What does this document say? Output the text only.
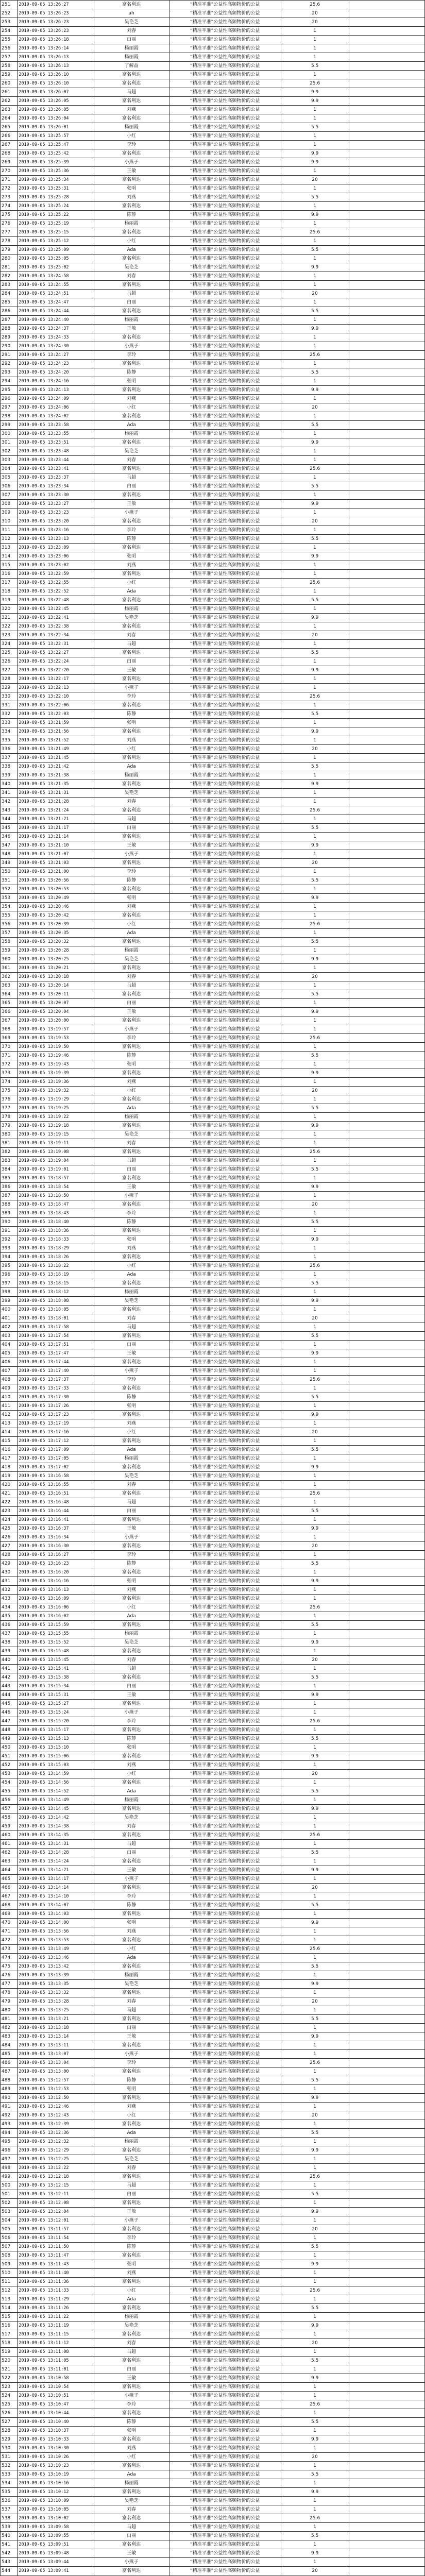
251	2019-09-05 13:26:27	富名利达	“精准平准”公益性高频物价的公益	25.6	
252	2019-09-05 13:26:23	ah	“精准平准”公益性高频物价的公益	20	
253	2019-09-05 13:26:23	吴艳芝	“精准平准”公益性高频物价的公益	20	
254	2019-09-05 13:26:23	刘春	“精准平准”公益性高频物价的公益	1	
255	2019-09-05 13:26:18	白丽	“精准平准”公益性高频物价的公益	1	
256	2019-09-05 13:26:14	杨丽霞	“精准平准”公益性高频物价的公益	1	
257	2019-09-05 13:26:13	杨丽霞	“精准平准”公益性高频物价的公益	1	
258	2019-09-05 13:26:13	了解益	“精准平准”公益性高频物价的公益	5.5	
259	2019-09-05 13:26:10	富名利达	“精准平准”公益性高频物价的公益	1	
260	2019-09-05 13:26:10	富名利达	“精准平准”公益性高频物价的公益	25.6	
261	2019-09-05 13:26:07	马超	“精准平准”公益性高频物价的公益	9.9	
262	2019-09-05 13:26:05	富名利达	“精准平准”公益性高频物价的公益	9.9	
263	2019-09-05 13:26:05	刘燕	“精准平准”公益性高频物价的公益	1	
264	2019-09-05 13:26:04	富名利达	“精准平准”公益性高频物价的公益	1	
265	2019-09-05 13:26:01	杨丽霞	“精准平准”公益性高频物价的公益	5.5	
266	2019-09-05 13:25:57	小红	“精准平准”公益性高频物价的公益	1	
267	2019-09-05 13:25:47	李玲	“精准平准”公益性高频物价的公益	1	
268	2019-09-05 13:25:42	富名利达	“精准平准”公益性高频物价的公益	9.9	
269	2019-09-05 13:25:39	小燕子	“精准平准”公益性高频物价的公益	9.9	
270	2019-09-05 13:25:36	王敏	“精准平准”公益性高频物价的公益	1	
271	2019-09-05 13:25:34	富名利达	“精准平准”公益性高频物价的公益	20	
272	2019-09-05 13:25:31	张明	“精准平准”公益性高频物价的公益	1	
273	2019-09-05 13:25:28	刘燕	“精准平准”公益性高频物价的公益	5.5	
274	2019-09-05 13:25:24	富名利达	“精准平准”公益性高频物价的公益	1	
275	2019-09-05 13:25:22	陈静	“精准平准”公益性高频物价的公益	9.9	
276	2019-09-05 13:25:19	杨丽霞	“精准平准”公益性高频物价的公益	1	
277	2019-09-05 13:25:15	富名利达	“精准平准”公益性高频物价的公益	25.6	
278	2019-09-05 13:25:12	小红	“精准平准”公益性高频物价的公益	1	
279	2019-09-05 13:25:09	Ada	“精准平准”公益性高频物价的公益	5.5	
280	2019-09-05 13:25:05	富名利达	“精准平准”公益性高频物价的公益	1	
281	2019-09-05 13:25:02	吴艳芝	“精准平准”公益性高频物价的公益	9.9	
282	2019-09-05 13:24:58	刘春	“精准平准”公益性高频物价的公益	1	
283	2019-09-05 13:24:55	富名利达	“精准平准”公益性高频物价的公益	1	
284	2019-09-05 13:24:51	马超	“精准平准”公益性高频物价的公益	20	
285	2019-09-05 13:24:47	白丽	“精准平准”公益性高频物价的公益	1	
286	2019-09-05 13:24:44	富名利达	“精准平准”公益性高频物价的公益	5.5	
287	2019-09-05 13:24:40	杨丽霞	“精准平准”公益性高频物价的公益	1	
288	2019-09-05 13:24:37	王敏	“精准平准”公益性高频物价的公益	9.9	
289	2019-09-05 13:24:33	富名利达	“精准平准”公益性高频物价的公益	1	
290	2019-09-05 13:24:30	小燕子	“精准平准”公益性高频物价的公益	1	
291	2019-09-05 13:24:27	李玲	“精准平准”公益性高频物价的公益	25.6	
292	2019-09-05 13:24:23	富名利达	“精准平准”公益性高频物价的公益	1	
293	2019-09-05 13:24:20	陈静	“精准平准”公益性高频物价的公益	5.5	
294	2019-09-05 13:24:16	张明	“精准平准”公益性高频物价的公益	1	
295	2019-09-05 13:24:13	富名利达	“精准平准”公益性高频物价的公益	9.9	
296	2019-09-05 13:24:09	刘燕	“精准平准”公益性高频物价的公益	1	
297	2019-09-05 13:24:06	小红	“精准平准”公益性高频物价的公益	20	
298	2019-09-05 13:24:02	富名利达	“精准平准”公益性高频物价的公益	1	
299	2019-09-05 13:23:58	Ada	“精准平准”公益性高频物价的公益	5.5	
300	2019-09-05 13:23:55	杨丽霞	“精准平准”公益性高频物价的公益	1	
301	2019-09-05 13:23:51	富名利达	“精准平准”公益性高频物价的公益	9.9	
302	2019-09-05 13:23:48	吴艳芝	“精准平准”公益性高频物价的公益	1	
303	2019-09-05 13:23:44	刘春	“精准平准”公益性高频物价的公益	1	
304	2019-09-05 13:23:41	富名利达	“精准平准”公益性高频物价的公益	25.6	
305	2019-09-05 13:23:37	马超	“精准平准”公益性高频物价的公益	1	
306	2019-09-05 13:23:34	白丽	“精准平准”公益性高频物价的公益	5.5	
307	2019-09-05 13:23:30	富名利达	“精准平准”公益性高频物价的公益	1	
308	2019-09-05 13:23:27	王敏	“精准平准”公益性高频物价的公益	9.9	
309	2019-09-05 13:23:23	小燕子	“精准平准”公益性高频物价的公益	1	
310	2019-09-05 13:23:20	富名利达	“精准平准”公益性高频物价的公益	20	
311	2019-09-05 13:23:16	李玲	“精准平准”公益性高频物价的公益	1	
312	2019-09-05 13:23:13	陈静	“精准平准”公益性高频物价的公益	5.5	
313	2019-09-05 13:23:09	富名利达	“精准平准”公益性高频物价的公益	1	
314	2019-09-05 13:23:06	张明	“精准平准”公益性高频物价的公益	9.9	
315	2019-09-05 13:23:02	刘燕	“精准平准”公益性高频物价的公益	1	
316	2019-09-05 13:22:59	富名利达	“精准平准”公益性高频物价的公益	1	
317	2019-09-05 13:22:55	小红	“精准平准”公益性高频物价的公益	25.6	
318	2019-09-05 13:22:52	Ada	“精准平准”公益性高频物价的公益	1	
319	2019-09-05 13:22:48	富名利达	“精准平准”公益性高频物价的公益	5.5	
320	2019-09-05 13:22:45	杨丽霞	“精准平准”公益性高频物价的公益	1	
321	2019-09-05 13:22:41	吴艳芝	“精准平准”公益性高频物价的公益	9.9	
322	2019-09-05 13:22:38	富名利达	“精准平准”公益性高频物价的公益	1	
323	2019-09-05 13:22:34	刘春	“精准平准”公益性高频物价的公益	20	
324	2019-09-05 13:22:31	马超	“精准平准”公益性高频物价的公益	1	
325	2019-09-05 13:22:27	富名利达	“精准平准”公益性高频物价的公益	5.5	
326	2019-09-05 13:22:24	白丽	“精准平准”公益性高频物价的公益	1	
327	2019-09-05 13:22:20	王敏	“精准平准”公益性高频物价的公益	9.9	
328	2019-09-05 13:22:17	富名利达	“精准平准”公益性高频物价的公益	1	
329	2019-09-05 13:22:13	小燕子	“精准平准”公益性高频物价的公益	1	
330	2019-09-05 13:22:10	李玲	“精准平准”公益性高频物价的公益	25.6	
331	2019-09-05 13:22:06	富名利达	“精准平准”公益性高频物价的公益	1	
332	2019-09-05 13:22:03	陈静	“精准平准”公益性高频物价的公益	5.5	
333	2019-09-05 13:21:59	张明	“精准平准”公益性高频物价的公益	1	
334	2019-09-05 13:21:56	富名利达	“精准平准”公益性高频物价的公益	9.9	
335	2019-09-05 13:21:52	刘燕	“精准平准”公益性高频物价的公益	1	
336	2019-09-05 13:21:49	小红	“精准平准”公益性高频物价的公益	20	
337	2019-09-05 13:21:45	富名利达	“精准平准”公益性高频物价的公益	1	
338	2019-09-05 13:21:42	Ada	“精准平准”公益性高频物价的公益	5.5	
339	2019-09-05 13:21:38	杨丽霞	“精准平准”公益性高频物价的公益	1	
340	2019-09-05 13:21:35	富名利达	“精准平准”公益性高频物价的公益	9.9	
341	2019-09-05 13:21:31	吴艳芝	“精准平准”公益性高频物价的公益	1	
342	2019-09-05 13:21:28	刘春	“精准平准”公益性高频物价的公益	1	
343	2019-09-05 13:21:24	富名利达	“精准平准”公益性高频物价的公益	25.6	
344	2019-09-05 13:21:21	马超	“精准平准”公益性高频物价的公益	1	
345	2019-09-05 13:21:17	白丽	“精准平准”公益性高频物价的公益	5.5	
346	2019-09-05 13:21:14	富名利达	“精准平准”公益性高频物价的公益	1	
347	2019-09-05 13:21:10	王敏	“精准平准”公益性高频物价的公益	9.9	
348	2019-09-05 13:21:07	小燕子	“精准平准”公益性高频物价的公益	1	
349	2019-09-05 13:21:03	富名利达	“精准平准”公益性高频物价的公益	20	
350	2019-09-05 13:21:00	李玲	“精准平准”公益性高频物价的公益	1	
351	2019-09-05 13:20:56	陈静	“精准平准”公益性高频物价的公益	5.5	
352	2019-09-05 13:20:53	富名利达	“精准平准”公益性高频物价的公益	1	
353	2019-09-05 13:20:49	张明	“精准平准”公益性高频物价的公益	9.9	
354	2019-09-05 13:20:46	刘燕	“精准平准”公益性高频物价的公益	1	
355	2019-09-05 13:20:42	富名利达	“精准平准”公益性高频物价的公益	1	
356	2019-09-05 13:20:39	小红	“精准平准”公益性高频物价的公益	25.6	
357	2019-09-05 13:20:35	Ada	“精准平准”公益性高频物价的公益	1	
358	2019-09-05 13:20:32	富名利达	“精准平准”公益性高频物价的公益	5.5	
359	2019-09-05 13:20:28	杨丽霞	“精准平准”公益性高频物价的公益	1	
360	2019-09-05 13:20:25	吴艳芝	“精准平准”公益性高频物价的公益	9.9	
361	2019-09-05 13:20:21	富名利达	“精准平准”公益性高频物价的公益	1	
362	2019-09-05 13:20:18	刘春	“精准平准”公益性高频物价的公益	20	
363	2019-09-05 13:20:14	马超	“精准平准”公益性高频物价的公益	1	
364	2019-09-05 13:20:11	富名利达	“精准平准”公益性高频物价的公益	5.5	
365	2019-09-05 13:20:07	白丽	“精准平准”公益性高频物价的公益	1	
366	2019-09-05 13:20:04	王敏	“精准平准”公益性高频物价的公益	9.9	
367	2019-09-05 13:20:00	富名利达	“精准平准”公益性高频物价的公益	1	
368	2019-09-05 13:19:57	小燕子	“精准平准”公益性高频物价的公益	1	
369	2019-09-05 13:19:53	李玲	“精准平准”公益性高频物价的公益	25.6	
370	2019-09-05 13:19:50	富名利达	“精准平准”公益性高频物价的公益	1	
371	2019-09-05 13:19:46	陈静	“精准平准”公益性高频物价的公益	5.5	
372	2019-09-05 13:19:43	张明	“精准平准”公益性高频物价的公益	1	
373	2019-09-05 13:19:39	富名利达	“精准平准”公益性高频物价的公益	9.9	
374	2019-09-05 13:19:36	刘燕	“精准平准”公益性高频物价的公益	1	
375	2019-09-05 13:19:32	小红	“精准平准”公益性高频物价的公益	20	
376	2019-09-05 13:19:29	富名利达	“精准平准”公益性高频物价的公益	1	
377	2019-09-05 13:19:25	Ada	“精准平准”公益性高频物价的公益	5.5	
378	2019-09-05 13:19:22	杨丽霞	“精准平准”公益性高频物价的公益	1	
379	2019-09-05 13:19:18	富名利达	“精准平准”公益性高频物价的公益	9.9	
380	2019-09-05 13:19:15	吴艳芝	“精准平准”公益性高频物价的公益	1	
381	2019-09-05 13:19:11	刘春	“精准平准”公益性高频物价的公益	1	
382	2019-09-05 13:19:08	富名利达	“精准平准”公益性高频物价的公益	25.6	
383	2019-09-05 13:19:04	马超	“精准平准”公益性高频物价的公益	1	
384	2019-09-05 13:19:01	白丽	“精准平准”公益性高频物价的公益	5.5	
385	2019-09-05 13:18:57	富名利达	“精准平准”公益性高频物价的公益	1	
386	2019-09-05 13:18:54	王敏	“精准平准”公益性高频物价的公益	9.9	
387	2019-09-05 13:18:50	小燕子	“精准平准”公益性高频物价的公益	1	
388	2019-09-05 13:18:47	富名利达	“精准平准”公益性高频物价的公益	20	
389	2019-09-05 13:18:43	李玲	“精准平准”公益性高频物价的公益	1	
390	2019-09-05 13:18:40	陈静	“精准平准”公益性高频物价的公益	5.5	
391	2019-09-05 13:18:36	富名利达	“精准平准”公益性高频物价的公益	1	
392	2019-09-05 13:18:33	张明	“精准平准”公益性高频物价的公益	9.9	
393	2019-09-05 13:18:29	刘燕	“精准平准”公益性高频物价的公益	1	
394	2019-09-05 13:18:26	富名利达	“精准平准”公益性高频物价的公益	1	
395	2019-09-05 13:18:22	小红	“精准平准”公益性高频物价的公益	25.6	
396	2019-09-05 13:18:19	Ada	“精准平准”公益性高频物价的公益	1	
397	2019-09-05 13:18:15	富名利达	“精准平准”公益性高频物价的公益	5.5	
398	2019-09-05 13:18:12	杨丽霞	“精准平准”公益性高频物价的公益	1	
399	2019-09-05 13:18:08	吴艳芝	“精准平准”公益性高频物价的公益	9.9	
400	2019-09-05 13:18:05	富名利达	“精准平准”公益性高频物价的公益	1	
401	2019-09-05 13:18:01	刘春	“精准平准”公益性高频物价的公益	20	
402	2019-09-05 13:17:58	马超	“精准平准”公益性高频物价的公益	1	
403	2019-09-05 13:17:54	富名利达	“精准平准”公益性高频物价的公益	5.5	
404	2019-09-05 13:17:51	白丽	“精准平准”公益性高频物价的公益	1	
405	2019-09-05 13:17:47	王敏	“精准平准”公益性高频物价的公益	9.9	
406	2019-09-05 13:17:44	富名利达	“精准平准”公益性高频物价的公益	1	
407	2019-09-05 13:17:40	小燕子	“精准平准”公益性高频物价的公益	1	
408	2019-09-05 13:17:37	李玲	“精准平准”公益性高频物价的公益	25.6	
409	2019-09-05 13:17:33	富名利达	“精准平准”公益性高频物价的公益	1	
410	2019-09-05 13:17:30	陈静	“精准平准”公益性高频物价的公益	5.5	
411	2019-09-05 13:17:26	张明	“精准平准”公益性高频物价的公益	1	
412	2019-09-05 13:17:23	富名利达	“精准平准”公益性高频物价的公益	9.9	
413	2019-09-05 13:17:19	刘燕	“精准平准”公益性高频物价的公益	1	
414	2019-09-05 13:17:16	小红	“精准平准”公益性高频物价的公益	20	
415	2019-09-05 13:17:12	富名利达	“精准平准”公益性高频物价的公益	1	
416	2019-09-05 13:17:09	Ada	“精准平准”公益性高频物价的公益	5.5	
417	2019-09-05 13:17:05	杨丽霞	“精准平准”公益性高频物价的公益	1	
418	2019-09-05 13:17:02	富名利达	“精准平准”公益性高频物价的公益	9.9	
419	2019-09-05 13:16:58	吴艳芝	“精准平准”公益性高频物价的公益	1	
420	2019-09-05 13:16:55	刘春	“精准平准”公益性高频物价的公益	1	
421	2019-09-05 13:16:51	富名利达	“精准平准”公益性高频物价的公益	25.6	
422	2019-09-05 13:16:48	马超	“精准平准”公益性高频物价的公益	1	
423	2019-09-05 13:16:44	白丽	“精准平准”公益性高频物价的公益	5.5	
424	2019-09-05 13:16:41	富名利达	“精准平准”公益性高频物价的公益	1	
425	2019-09-05 13:16:37	王敏	“精准平准”公益性高频物价的公益	9.9	
426	2019-09-05 13:16:34	小燕子	“精准平准”公益性高频物价的公益	1	
427	2019-09-05 13:16:30	富名利达	“精准平准”公益性高频物价的公益	20	
428	2019-09-05 13:16:27	李玲	“精准平准”公益性高频物价的公益	1	
429	2019-09-05 13:16:23	陈静	“精准平准”公益性高频物价的公益	5.5	
430	2019-09-05 13:16:20	富名利达	“精准平准”公益性高频物价的公益	1	
431	2019-09-05 13:16:16	张明	“精准平准”公益性高频物价的公益	9.9	
432	2019-09-05 13:16:13	刘燕	“精准平准”公益性高频物价的公益	1	
433	2019-09-05 13:16:09	富名利达	“精准平准”公益性高频物价的公益	1	
434	2019-09-05 13:16:06	小红	“精准平准”公益性高频物价的公益	25.6	
435	2019-09-05 13:16:02	Ada	“精准平准”公益性高频物价的公益	1	
436	2019-09-05 13:15:59	富名利达	“精准平准”公益性高频物价的公益	5.5	
437	2019-09-05 13:15:55	杨丽霞	“精准平准”公益性高频物价的公益	1	
438	2019-09-05 13:15:52	吴艳芝	“精准平准”公益性高频物价的公益	9.9	
439	2019-09-05 13:15:48	富名利达	“精准平准”公益性高频物价的公益	1	
440	2019-09-05 13:15:45	刘春	“精准平准”公益性高频物价的公益	20	
441	2019-09-05 13:15:41	马超	“精准平准”公益性高频物价的公益	1	
442	2019-09-05 13:15:38	富名利达	“精准平准”公益性高频物价的公益	5.5	
443	2019-09-05 13:15:34	白丽	“精准平准”公益性高频物价的公益	1	
444	2019-09-05 13:15:31	王敏	“精准平准”公益性高频物价的公益	9.9	
445	2019-09-05 13:15:27	富名利达	“精准平准”公益性高频物价的公益	1	
446	2019-09-05 13:15:24	小燕子	“精准平准”公益性高频物价的公益	1	
447	2019-09-05 13:15:20	李玲	“精准平准”公益性高频物价的公益	25.6	
448	2019-09-05 13:15:17	富名利达	“精准平准”公益性高频物价的公益	1	
449	2019-09-05 13:15:13	陈静	“精准平准”公益性高频物价的公益	5.5	
450	2019-09-05 13:15:10	张明	“精准平准”公益性高频物价的公益	1	
451	2019-09-05 13:15:06	富名利达	“精准平准”公益性高频物价的公益	9.9	
452	2019-09-05 13:15:03	刘燕	“精准平准”公益性高频物价的公益	1	
453	2019-09-05 13:14:59	小红	“精准平准”公益性高频物价的公益	20	
454	2019-09-05 13:14:56	富名利达	“精准平准”公益性高频物价的公益	1	
455	2019-09-05 13:14:52	Ada	“精准平准”公益性高频物价的公益	5.5	
456	2019-09-05 13:14:49	杨丽霞	“精准平准”公益性高频物价的公益	1	
457	2019-09-05 13:14:45	富名利达	“精准平准”公益性高频物价的公益	9.9	
458	2019-09-05 13:14:42	吴艳芝	“精准平准”公益性高频物价的公益	1	
459	2019-09-05 13:14:38	刘春	“精准平准”公益性高频物价的公益	1	
460	2019-09-05 13:14:35	富名利达	“精准平准”公益性高频物价的公益	25.6	
461	2019-09-05 13:14:31	马超	“精准平准”公益性高频物价的公益	1	
462	2019-09-05 13:14:28	白丽	“精准平准”公益性高频物价的公益	5.5	
463	2019-09-05 13:14:24	富名利达	“精准平准”公益性高频物价的公益	1	
464	2019-09-05 13:14:21	王敏	“精准平准”公益性高频物价的公益	9.9	
465	2019-09-05 13:14:17	小燕子	“精准平准”公益性高频物价的公益	1	
466	2019-09-05 13:14:14	富名利达	“精准平准”公益性高频物价的公益	20	
467	2019-09-05 13:14:10	李玲	“精准平准”公益性高频物价的公益	1	
468	2019-09-05 13:14:07	陈静	“精准平准”公益性高频物价的公益	5.5	
469	2019-09-05 13:14:03	富名利达	“精准平准”公益性高频物价的公益	1	
470	2019-09-05 13:14:00	张明	“精准平准”公益性高频物价的公益	9.9	
471	2019-09-05 13:13:56	刘燕	“精准平准”公益性高频物价的公益	1	
472	2019-09-05 13:13:53	富名利达	“精准平准”公益性高频物价的公益	1	
473	2019-09-05 13:13:49	小红	“精准平准”公益性高频物价的公益	25.6	
474	2019-09-05 13:13:46	Ada	“精准平准”公益性高频物价的公益	1	
475	2019-09-05 13:13:42	富名利达	“精准平准”公益性高频物价的公益	5.5	
476	2019-09-05 13:13:39	杨丽霞	“精准平准”公益性高频物价的公益	1	
477	2019-09-05 13:13:35	吴艳芝	“精准平准”公益性高频物价的公益	9.9	
478	2019-09-05 13:13:32	富名利达	“精准平准”公益性高频物价的公益	1	
479	2019-09-05 13:13:28	刘春	“精准平准”公益性高频物价的公益	20	
480	2019-09-05 13:13:25	马超	“精准平准”公益性高频物价的公益	1	
481	2019-09-05 13:13:21	富名利达	“精准平准”公益性高频物价的公益	5.5	
482	2019-09-05 13:13:18	白丽	“精准平准”公益性高频物价的公益	1	
483	2019-09-05 13:13:14	王敏	“精准平准”公益性高频物价的公益	9.9	
484	2019-09-05 13:13:11	富名利达	“精准平准”公益性高频物价的公益	1	
485	2019-09-05 13:13:07	小燕子	“精准平准”公益性高频物价的公益	1	
486	2019-09-05 13:13:04	李玲	“精准平准”公益性高频物价的公益	25.6	
487	2019-09-05 13:13:00	富名利达	“精准平准”公益性高频物价的公益	1	
488	2019-09-05 13:12:57	陈静	“精准平准”公益性高频物价的公益	5.5	
489	2019-09-05 13:12:53	张明	“精准平准”公益性高频物价的公益	1	
490	2019-09-05 13:12:50	富名利达	“精准平准”公益性高频物价的公益	9.9	
491	2019-09-05 13:12:46	刘燕	“精准平准”公益性高频物价的公益	1	
492	2019-09-05 13:12:43	小红	“精准平准”公益性高频物价的公益	20	
493	2019-09-05 13:12:39	富名利达	“精准平准”公益性高频物价的公益	1	
494	2019-09-05 13:12:36	Ada	“精准平准”公益性高频物价的公益	5.5	
495	2019-09-05 13:12:32	杨丽霞	“精准平准”公益性高频物价的公益	1	
496	2019-09-05 13:12:29	富名利达	“精准平准”公益性高频物价的公益	9.9	
497	2019-09-05 13:12:25	吴艳芝	“精准平准”公益性高频物价的公益	1	
498	2019-09-05 13:12:22	刘春	“精准平准”公益性高频物价的公益	1	
499	2019-09-05 13:12:18	富名利达	“精准平准”公益性高频物价的公益	25.6	
500	2019-09-05 13:12:15	马超	“精准平准”公益性高频物价的公益	1	
501	2019-09-05 13:12:11	白丽	“精准平准”公益性高频物价的公益	5.5	
502	2019-09-05 13:12:08	富名利达	“精准平准”公益性高频物价的公益	1	
503	2019-09-05 13:12:04	王敏	“精准平准”公益性高频物价的公益	9.9	
504	2019-09-05 13:12:01	小燕子	“精准平准”公益性高频物价的公益	1	
505	2019-09-05 13:11:57	富名利达	“精准平准”公益性高频物价的公益	20	
506	2019-09-05 13:11:54	李玲	“精准平准”公益性高频物价的公益	1	
507	2019-09-05 13:11:50	陈静	“精准平准”公益性高频物价的公益	5.5	
508	2019-09-05 13:11:47	富名利达	“精准平准”公益性高频物价的公益	1	
509	2019-09-05 13:11:43	张明	“精准平准”公益性高频物价的公益	9.9	
510	2019-09-05 13:11:40	刘燕	“精准平准”公益性高频物价的公益	1	
511	2019-09-05 13:11:36	富名利达	“精准平准”公益性高频物价的公益	1	
512	2019-09-05 13:11:33	小红	“精准平准”公益性高频物价的公益	25.6	
513	2019-09-05 13:11:29	Ada	“精准平准”公益性高频物价的公益	1	
514	2019-09-05 13:11:26	富名利达	“精准平准”公益性高频物价的公益	5.5	
515	2019-09-05 13:11:22	杨丽霞	“精准平准”公益性高频物价的公益	1	
516	2019-09-05 13:11:19	吴艳芝	“精准平准”公益性高频物价的公益	9.9	
517	2019-09-05 13:11:15	富名利达	“精准平准”公益性高频物价的公益	1	
518	2019-09-05 13:11:12	刘春	“精准平准”公益性高频物价的公益	20	
519	2019-09-05 13:11:08	马超	“精准平准”公益性高频物价的公益	1	
520	2019-09-05 13:11:05	富名利达	“精准平准”公益性高频物价的公益	5.5	
521	2019-09-05 13:11:01	白丽	“精准平准”公益性高频物价的公益	1	
522	2019-09-05 13:10:58	王敏	“精准平准”公益性高频物价的公益	9.9	
523	2019-09-05 13:10:54	富名利达	“精准平准”公益性高频物价的公益	1	
524	2019-09-05 13:10:51	小燕子	“精准平准”公益性高频物价的公益	1	
525	2019-09-05 13:10:47	李玲	“精准平准”公益性高频物价的公益	25.6	
526	2019-09-05 13:10:44	富名利达	“精准平准”公益性高频物价的公益	1	
527	2019-09-05 13:10:40	陈静	“精准平准”公益性高频物价的公益	5.5	
528	2019-09-05 13:10:37	张明	“精准平准”公益性高频物价的公益	1	
529	2019-09-05 13:10:33	富名利达	“精准平准”公益性高频物价的公益	9.9	
530	2019-09-05 13:10:30	刘燕	“精准平准”公益性高频物价的公益	1	
531	2019-09-05 13:10:26	小红	“精准平准”公益性高频物价的公益	20	
532	2019-09-05 13:10:23	富名利达	“精准平准”公益性高频物价的公益	1	
533	2019-09-05 13:10:19	Ada	“精准平准”公益性高频物价的公益	5.5	
534	2019-09-05 13:10:16	杨丽霞	“精准平准”公益性高频物价的公益	1	
535	2019-09-05 13:10:12	富名利达	“精准平准”公益性高频物价的公益	9.9	
536	2019-09-05 13:10:09	吴艳芝	“精准平准”公益性高频物价的公益	1	
537	2019-09-05 13:10:05	刘春	“精准平准”公益性高频物价的公益	1	
538	2019-09-05 13:10:02	富名利达	“精准平准”公益性高频物价的公益	25.6	
539	2019-09-05 13:09:58	马超	“精准平准”公益性高频物价的公益	1	
540	2019-09-05 13:09:55	白丽	“精准平准”公益性高频物价的公益	5.5	
541	2019-09-05 13:09:51	富名利达	“精准平准”公益性高频物价的公益	1	
542	2019-09-05 13:09:48	王敏	“精准平准”公益性高频物价的公益	9.9	
543	2019-09-05 13:09:44	小燕子	“精准平准”公益性高频物价的公益	1	
544	2019-09-05 13:09:41	富名利达	“精准平准”公益性高频物价的公益	20	
